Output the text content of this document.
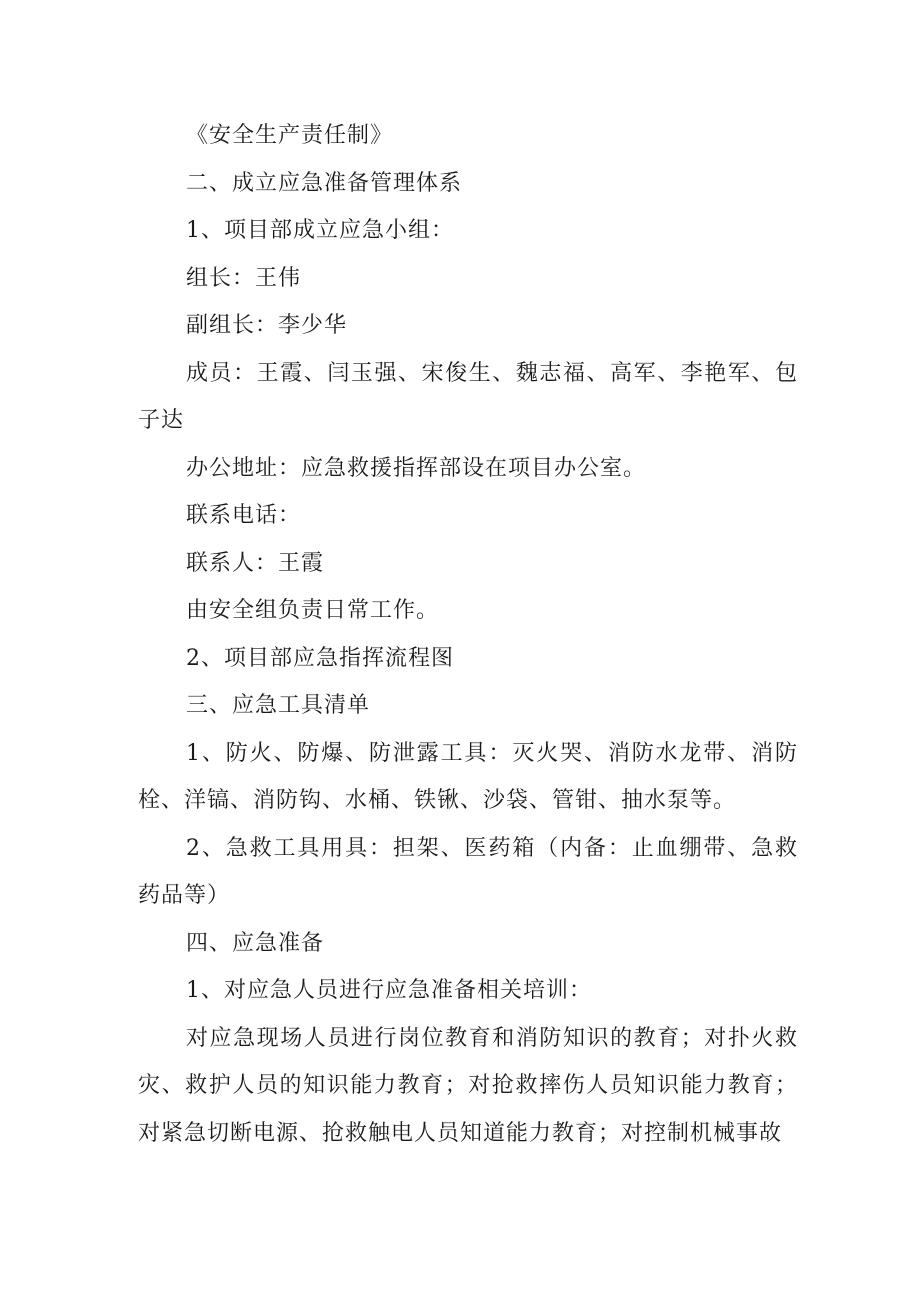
《安全生产责任制》

二、成立应急准备管理体系

1、项目部成立应急小组：

组长：王伟

副组长：李少华

成员：王霞、闫玉强、宋俊生、魏志福、高军、李艳军、包子达

办公地址：应急救援指挥部设在项目办公室。

联系电话：

联系人：王霞

由安全组负责日常工作。

2、项目部应急指挥流程图

三、应急工具清单

1、防火、防爆、防泄露工具：灭火哭、消防水龙带、消防栓、洋镐、消防钩、水桶、铁锹、沙袋、管钳、抽水泵等。

2、急救工具用具：担架、医药箱（内备：止血绷带、急救药品等）

四、应急准备

1、对应急人员进行应急准备相关培训：

对应急现场人员进行岗位教育和消防知识的教育；对扑火救灾、救护人员的知识能力教育；对抢救摔伤人员知识能力教育；对紧急切断电源、抢救触电人员知道能力教育；对控制机械事故
